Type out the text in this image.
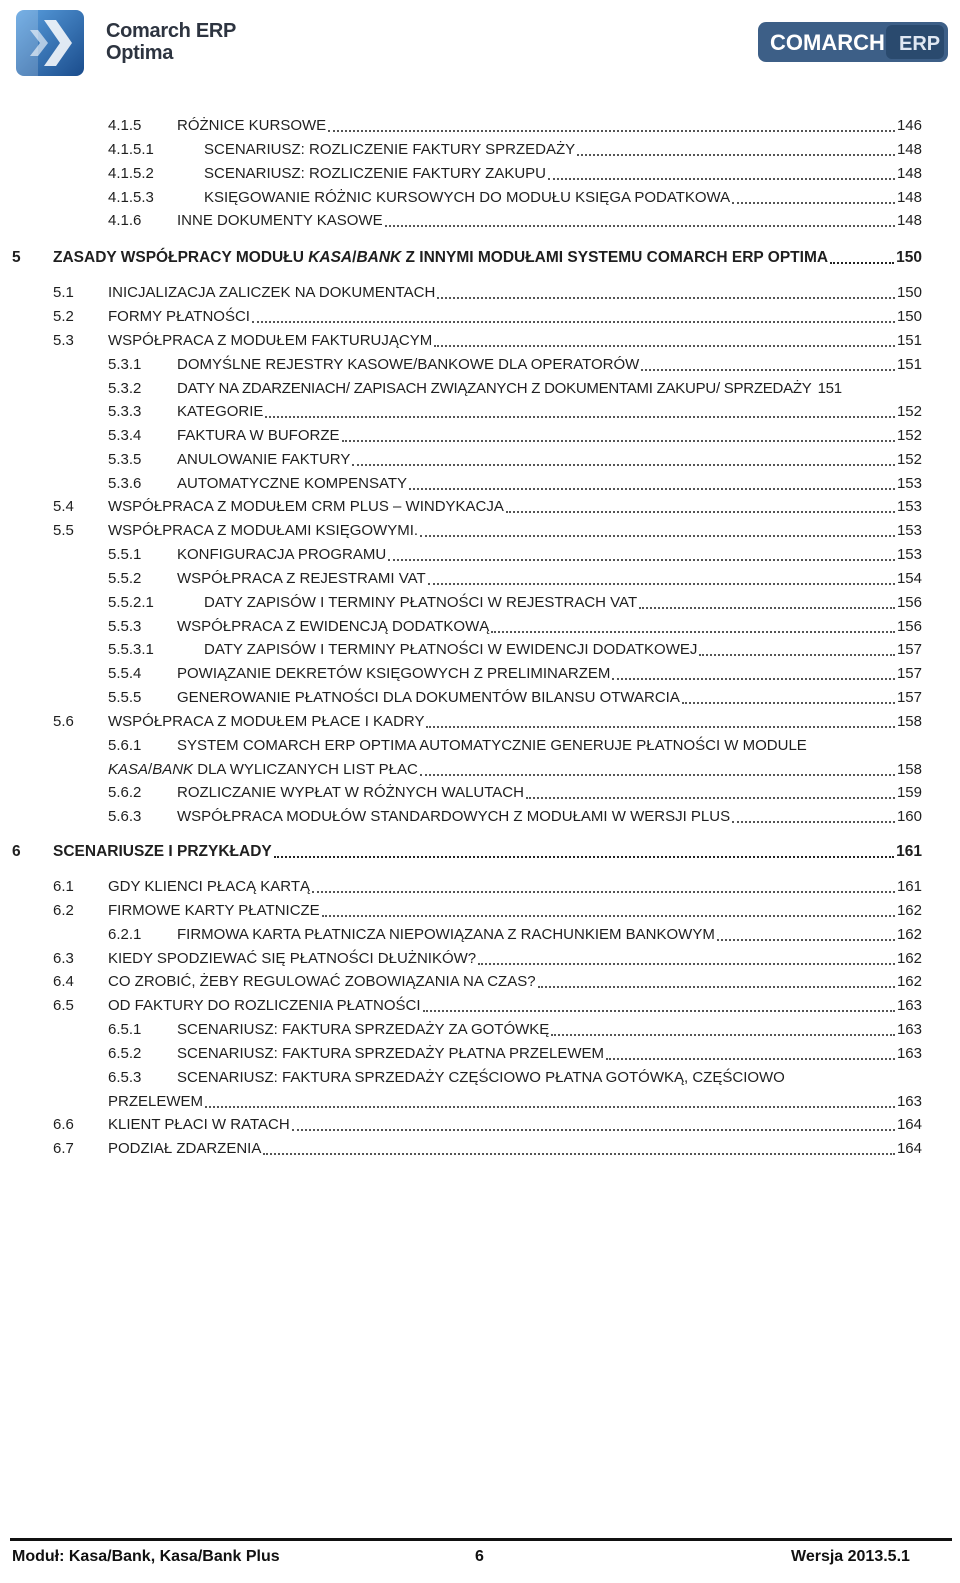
Comarch ERP
Optima	COMARCH ERP
4.1.5 RÓŻNICE KURSOWE	146
4.1.5.1	SCENARIUSZ: ROZLICZENIE FAKTURY SPRZEDAŻY	148
4.1.5.2	SCENARIUSZ: ROZLICZENIE FAKTURY ZAKUPU	148
4.1.5.3	KSIĘGOWANIE RÓŻNIC KURSOWYCH DO MODUŁU KSIĘGA PODATKOWA	148
4.1.6 INNE DOKUMENTY KASOWE	148
5 ZASADY WSPÓŁPRACY MODUŁU KASA/BANK Z INNYMI MODUŁAMI SYSTEMU COMARCH ERP OPTIMA	150
5.1 INICJALIZACJA ZALICZEK NA DOKUMENTACH	150
5.2 FORMY PŁATNOŚCI	150
5.3 WSPÓŁPRACA Z MODUŁEM FAKTURUJĄCYM	151
5.3.1 DOMYŚLNE REJESTRY KASOWE/BANKOWE DLA OPERATORÓW	151
5.3.2 DATY NA ZDARZENIACH/ ZAPISACH ZWIĄZANYCH Z DOKUMENTAMI ZAKUPU/ SPRZEDAŻY 151
5.3.3 KATEGORIE	152
5.3.4 FAKTURA W BUFORZE	152
5.3.5 ANULOWANIE FAKTURY	152
5.3.6 AUTOMATYCZNE KOMPENSATY	153
5.4 WSPÓŁPRACA Z MODUŁEM CRM PLUS – WINDYKACJA	153
5.5 WSPÓŁPRACA Z MODUŁAMI KSIĘGOWYMI.	153
5.5.1 KONFIGURACJA PROGRAMU	153
5.5.2 WSPÓŁPRACA Z REJESTRAMI VAT	154
5.5.2.1	DATY ZAPISÓW I TERMINY PŁATNOŚCI W REJESTRACH VAT	156
5.5.3 WSPÓŁPRACA Z EWIDENCJĄ DODATKOWĄ	156
5.5.3.1	DATY ZAPISÓW I TERMINY PŁATNOŚCI W EWIDENCJI DODATKOWEJ	157
5.5.4 POWIĄZANIE DEKRETÓW KSIĘGOWYCH Z PRELIMINARZEM	157
5.5.5 GENEROWANIE PŁATNOŚCI DLA DOKUMENTÓW BILANSU OTWARCIA	157
5.6 WSPÓŁPRACA Z MODUŁEM PŁACE I KADRY	158
5.6.1 SYSTEM COMARCH ERP OPTIMA AUTOMATYCZNIE GENERUJE PŁATNOŚCI W MODULE
KASA/BANK DLA WYLICZANYCH LIST PŁAC	158
5.6.2 ROZLICZANIE WYPŁAT W RÓŻNYCH WALUTACH	159
5.6.3 WSPÓŁPRACA MODUŁÓW STANDARDOWYCH Z MODUŁAMI W WERSJI PLUS	160
6 SCENARIUSZE I PRZYKŁADY	161
6.1 GDY KLIENCI PŁACĄ KARTĄ	161
6.2 FIRMOWE KARTY PŁATNICZE	162
6.2.1 FIRMOWA KARTA PŁATNICZA NIEPOWIĄZANA Z RACHUNKIEM BANKOWYM	162
6.3 KIEDY SPODZIEWAĆ SIĘ PŁATNOŚCI DŁUŻNIKÓW?	162
6.4 CO ZROBIĆ, ŻEBY REGULOWAĆ ZOBOWIĄZANIA NA CZAS?	162
6.5 OD FAKTURY DO ROZLICZENIA PŁATNOŚCI	163
6.5.1 SCENARIUSZ: FAKTURA SPRZEDAŻY ZA GOTÓWKĘ	163
6.5.2 SCENARIUSZ: FAKTURA SPRZEDAŻY PŁATNA PRZELEWEM	163
6.5.3 SCENARIUSZ: FAKTURA SPRZEDAŻY CZĘŚCIOWO PŁATNA GOTÓWKĄ, CZĘŚCIOWO
PRZELEWEM	163
6.6 KLIENT PŁACI W RATACH	164
6.7 PODZIAŁ ZDARZENIA	164
Moduł: Kasa/Bank, Kasa/Bank Plus	6	Wersja 2013.5.1
